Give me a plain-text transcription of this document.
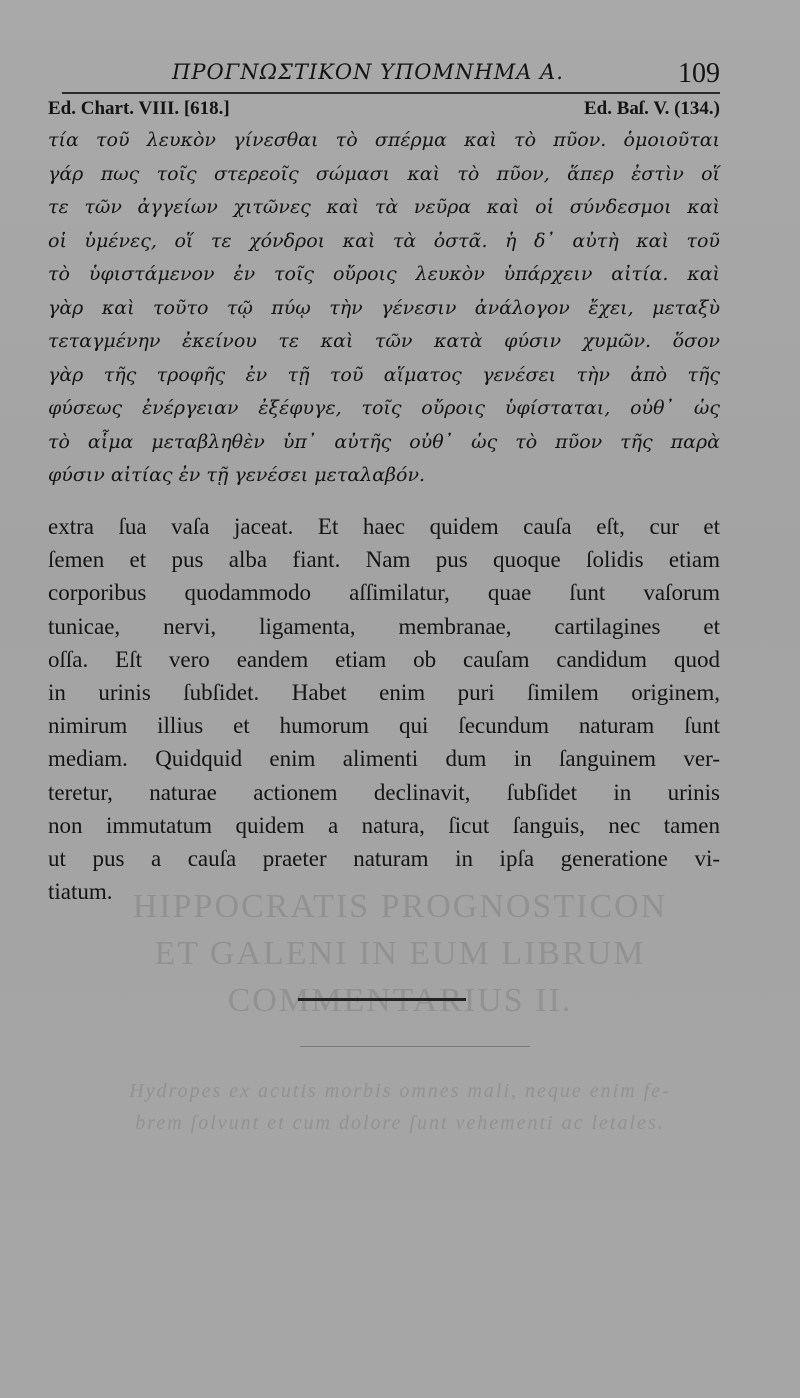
HIPPOCRATIS PROGNOSTICON
ET GALENI IN EUM LIBRUM
COMMENTARIUS II.
Hydropes ex acutis morbis omnes mali, neque enim fe-
brem ſolvunt et cum dolore ſunt vehementi ac letales.
ΠΡΟΓΝΩΣΤΙΚΟΝ ΥΠΟΜΝΗΜΑ Α.	109
Ed. Chart. VIII. [618.]	Ed. Baſ. V. (134.)
τία τοῦ λευκὸν γίνεσθαι τὸ σπέρμα καὶ τὸ πῦον. ὁμοιοῦται
γάρ πως τοῖς στερεοῖς σώμασι καὶ τὸ πῦον, ἅπερ ἐστὶν οἵ
τε τῶν ἀγγείων χιτῶνες καὶ τὰ νεῦρα καὶ οἱ σύνδεσμοι καὶ
οἱ ὑμένες, οἵ τε χόνδροι καὶ τὰ ὀστᾶ. ἡ δ᾽ αὐτὴ καὶ τοῦ
τὸ ὑφιστάμενον ἐν τοῖς οὔροις λευκὸν ὑπάρχειν αἰτία. καὶ
γὰρ καὶ τοῦτο τῷ πύῳ τὴν γένεσιν ἀνάλογον ἔχει, μεταξὺ
τεταγμένην ἐκείνου τε καὶ τῶν κατὰ φύσιν χυμῶν. ὅσον
γὰρ τῆς τροφῆς ἐν τῇ τοῦ αἵματος γενέσει τὴν ἀπὸ τῆς
φύσεως ἐνέργειαν ἐξέφυγε, τοῖς οὔροις ὑφίσταται, οὐθ᾽ ὡς
τὸ αἷμα μεταβληθὲν ὑπ᾽ αὐτῆς οὐθ᾽ ὡς τὸ πῦον τῆς παρὰ
φύσιν αἰτίας ἐν τῇ γενέσει μεταλαβόν.
extra ſua vaſa jaceat. Et haec quidem cauſa eſt, cur et
ſemen et pus alba fiant. Nam pus quoque ſolidis etiam
corporibus quodammodo aſſimilatur, quae ſunt vaſorum
tunicae, nervi, ligamenta, membranae, cartilagines et
oſſa. Eſt vero eandem etiam ob cauſam candidum quod
in urinis ſubſidet. Habet enim puri ſimilem originem,
nimirum illius et humorum qui ſecundum naturam ſunt
mediam. Quidquid enim alimenti dum in ſanguinem ver-
teretur, naturae actionem declinavit, ſubſidet in urinis
non immutatum quidem a natura, ſicut ſanguis, nec tamen
ut pus a cauſa praeter naturam in ipſa generatione vi-
tiatum.
